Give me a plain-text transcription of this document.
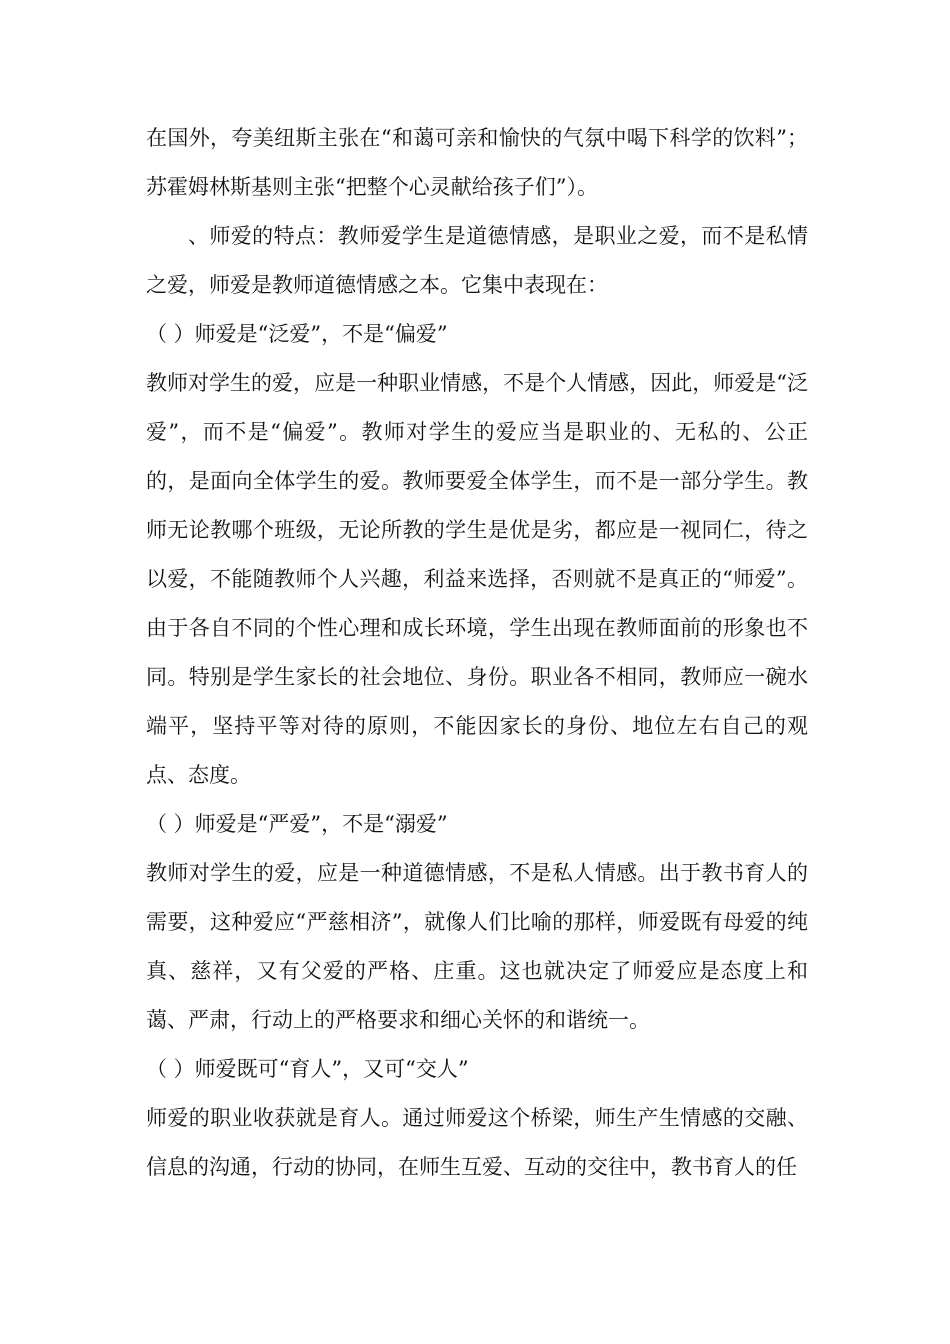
在国外，夸美纽斯主张在“和蔼可亲和愉快的气氛中喝下科学的饮料”；苏霍姆林斯基则主张“把整个心灵献给孩子们”）。

、师爱的特点：教师爱学生是道德情感，是职业之爱，而不是私情之爱，师爱是教师道德情感之本。它集中表现在：

（ ）师爱是“泛爱”，不是“偏爱”

教师对学生的爱，应是一种职业情感，不是个人情感，因此，师爱是“泛爱”，而不是“偏爱”。教师对学生的爱应当是职业的、无私的、公正的，是面向全体学生的爱。教师要爱全体学生，而不是一部分学生。教师无论教哪个班级，无论所教的学生是优是劣，都应是一视同仁，待之以爱，不能随教师个人兴趣，利益来选择，否则就不是真正的“师爱”。由于各自不同的个性心理和成长环境，学生出现在教师面前的形象也不同。特别是学生家长的社会地位、身份。职业各不相同，教师应一碗水端平，坚持平等对待的原则，不能因家长的身份、地位左右自己的观点、态度。

（ ）师爱是“严爱”，不是“溺爱”

教师对学生的爱，应是一种道德情感，不是私人情感。出于教书育人的需要，这种爱应“严慈相济”，就像人们比喻的那样，师爱既有母爱的纯真、慈祥，又有父爱的严格、庄重。这也就决定了师爱应是态度上和蔼、严肃，行动上的严格要求和细心关怀的和谐统一。

（ ）师爱既可“育人”，又可“交人”

师爱的职业收获就是育人。通过师爱这个桥梁，师生产生情感的交融、信息的沟通，行动的协同，在师生互爱、互动的交往中，教书育人的任
